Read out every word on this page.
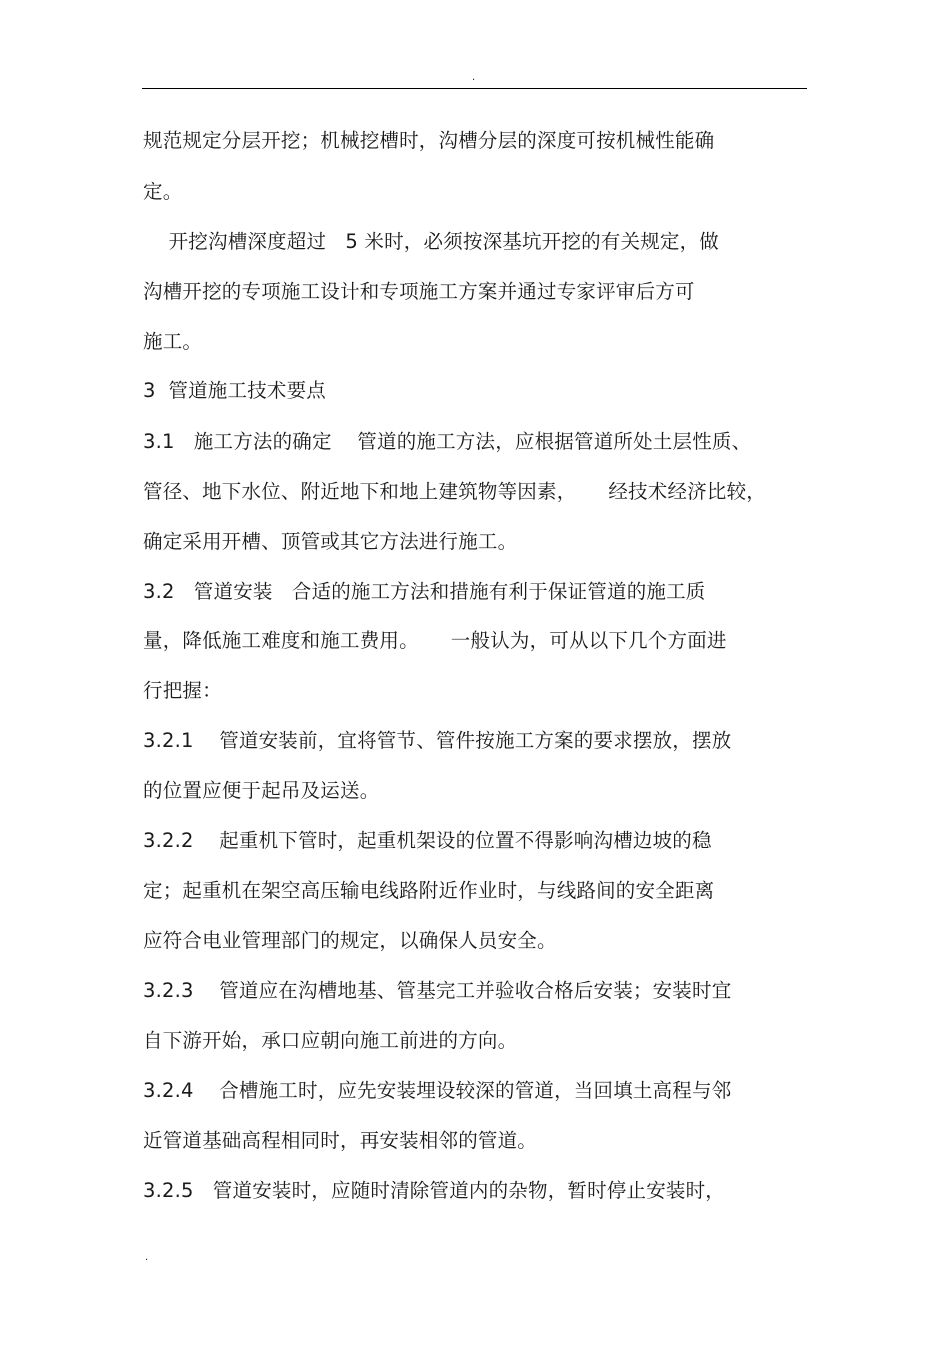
.
规范规定分层开挖；机械挖槽时，沟槽分层的深度可按机械性能确
定。
开挖沟槽深度超过   5 米时，必须按深基坑开挖的有关规定，做
沟槽开挖的专项施工设计和专项施工方案并通过专家评审后方可
施工。
3  管道施工技术要点
3.1   施工方法的确定    管道的施工方法，应根据管道所处土层性质、
管径、地下水位、附近地下和地上建筑物等因素，     经技术经济比较，
确定采用开槽、顶管或其它方法进行施工。
3.2   管道安装   合适的施工方法和措施有利于保证管道的施工质
量，降低施工难度和施工费用。     一般认为，可从以下几个方面进
行把握：
3.2.1    管道安装前，宜将管节、管件按施工方案的要求摆放，摆放
的位置应便于起吊及运送。
3.2.2    起重机下管时，起重机架设的位置不得影响沟槽边坡的稳
定；起重机在架空高压输电线路附近作业时，与线路间的安全距离
应符合电业管理部门的规定，以确保人员安全。
3.2.3    管道应在沟槽地基、管基完工并验收合格后安装；安装时宜
自下游开始，承口应朝向施工前进的方向。
3.2.4    合槽施工时，应先安装埋设较深的管道，当回填土高程与邻
近管道基础高程相同时，再安装相邻的管道。
3.2.5   管道安装时，应随时清除管道内的杂物，暂时停止安装时，
.
